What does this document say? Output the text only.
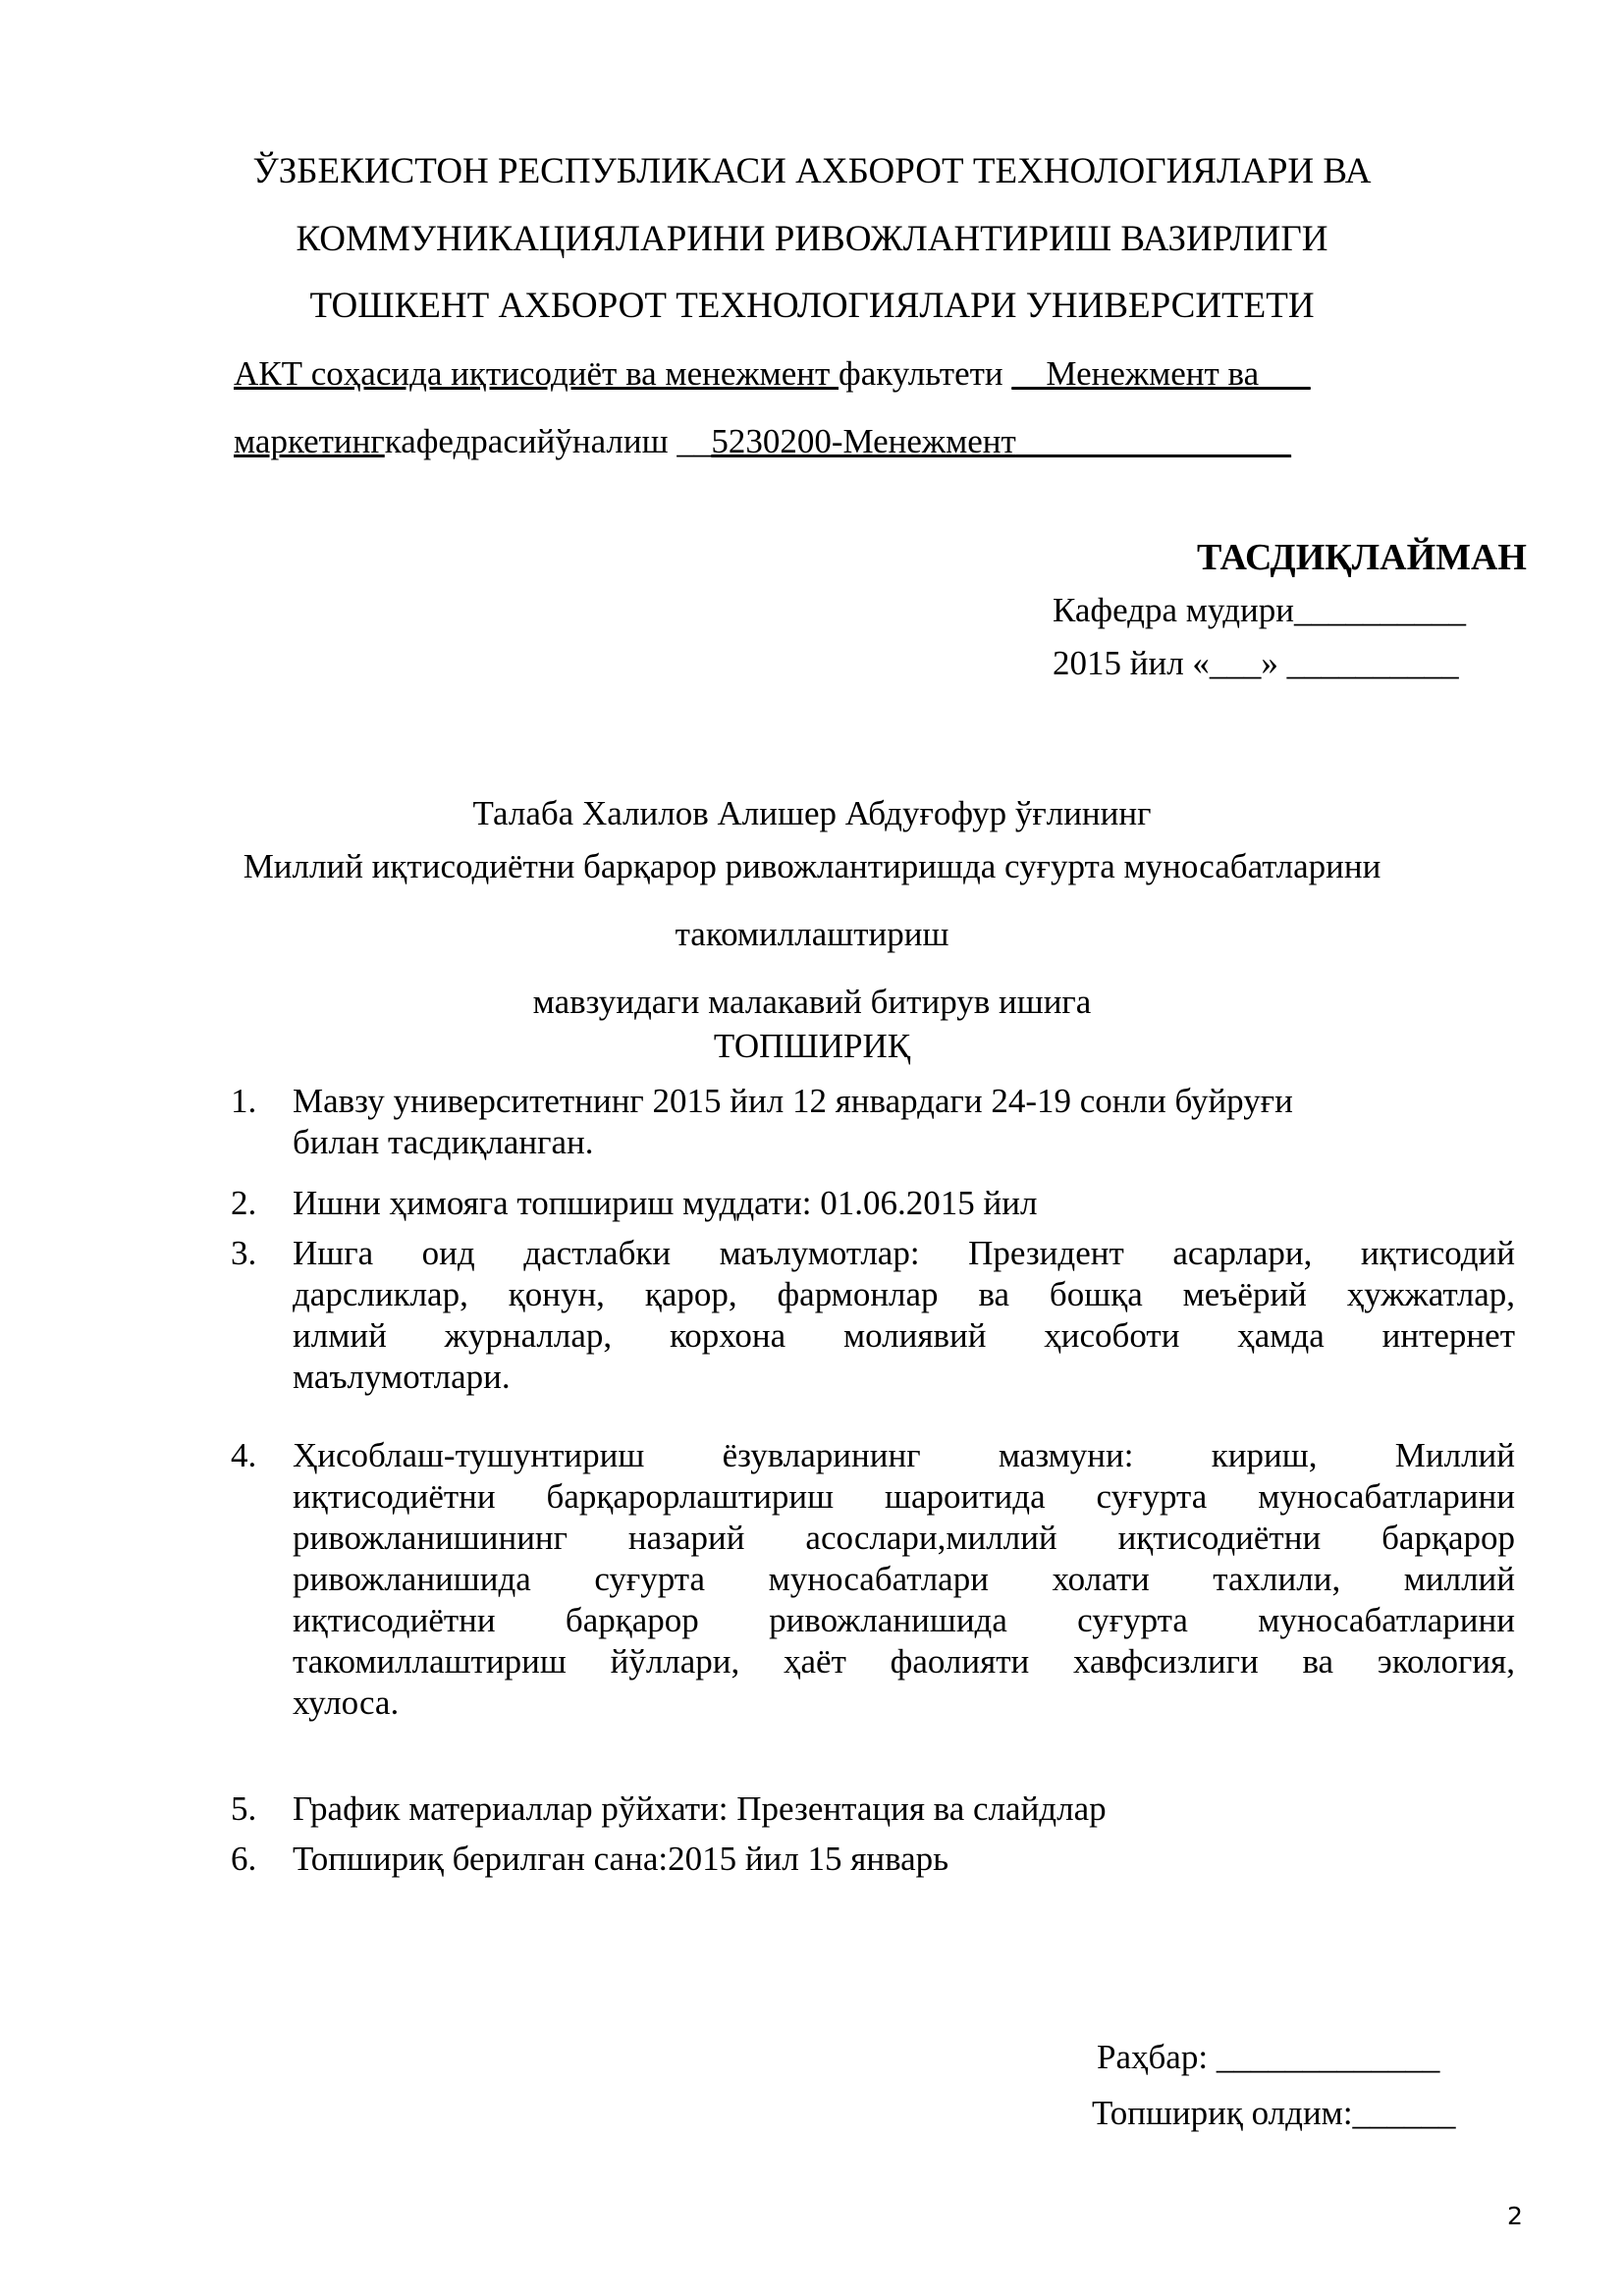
ЎЗБЕКИСТОН РЕСПУБЛИКАСИ АХБОРОТ ТЕХНОЛОГИЯЛАРИ ВА
КОММУНИКАЦИЯЛАРИНИ РИВОЖЛАНТИРИШ ВАЗИРЛИГИ
ТОШКЕНТ АХБОРОТ ТЕХНОЛОГИЯЛАРИ УНИВЕРСИТЕТИ
АКТ соҳасида иқтисодиёт ва менежмент факультети __Менежмент ва___
маркетингкафедрасийўналиш __5230200-Менежмент________________
ТАСДИҚЛАЙМАН
Кафедра мудири__________
2015 йил «___» __________
Талаба Халилов Алишер Абдуғофур ўғлининг
Миллий иқтисодиётни барқарор ривожлантиришда суғурта муносабатларини
такомиллаштириш
мавзуидаги малакавий битирув ишига
ТОПШИРИҚ
1.	Мавзу университетнинг 2015 йил 12 январдаги 24-19 сонли буйруғи
билан тасдиқланган.
2.	Ишни ҳимояга топшириш муддати: 01.06.2015 йил
3.	Ишга оид дастлабки маълумотлар: Президент асарлари, иқтисодий
дарсликлар, қонун, қарор, фармонлар ва бошқа меъёрий ҳужжатлар,
илмий журналлар, корхона молиявий ҳисоботи ҳамда интернет
маълумотлари.
4.	Ҳисоблаш-тушунтириш ёзувларининг мазмуни: кириш, Миллий
иқтисодиётни барқарорлаштириш шароитида суғурта муносабатларини
ривожланишининг назарий асослари,миллий иқтисодиётни барқарор
ривожланишида суғурта муносабатлари холати тахлили, миллий
иқтисодиётни барқарор ривожланишида суғурта муносабатларини
такомиллаштириш йўллари, ҳаёт фаолияти хавфсизлиги ва экология,
хулоса.
5.	График материаллар рўйхати: Презентация ва слайдлар
6.	Топшириқ берилган сана:2015 йил 15 январь
Раҳбар: _____________
Топшириқ олдим:______
2
